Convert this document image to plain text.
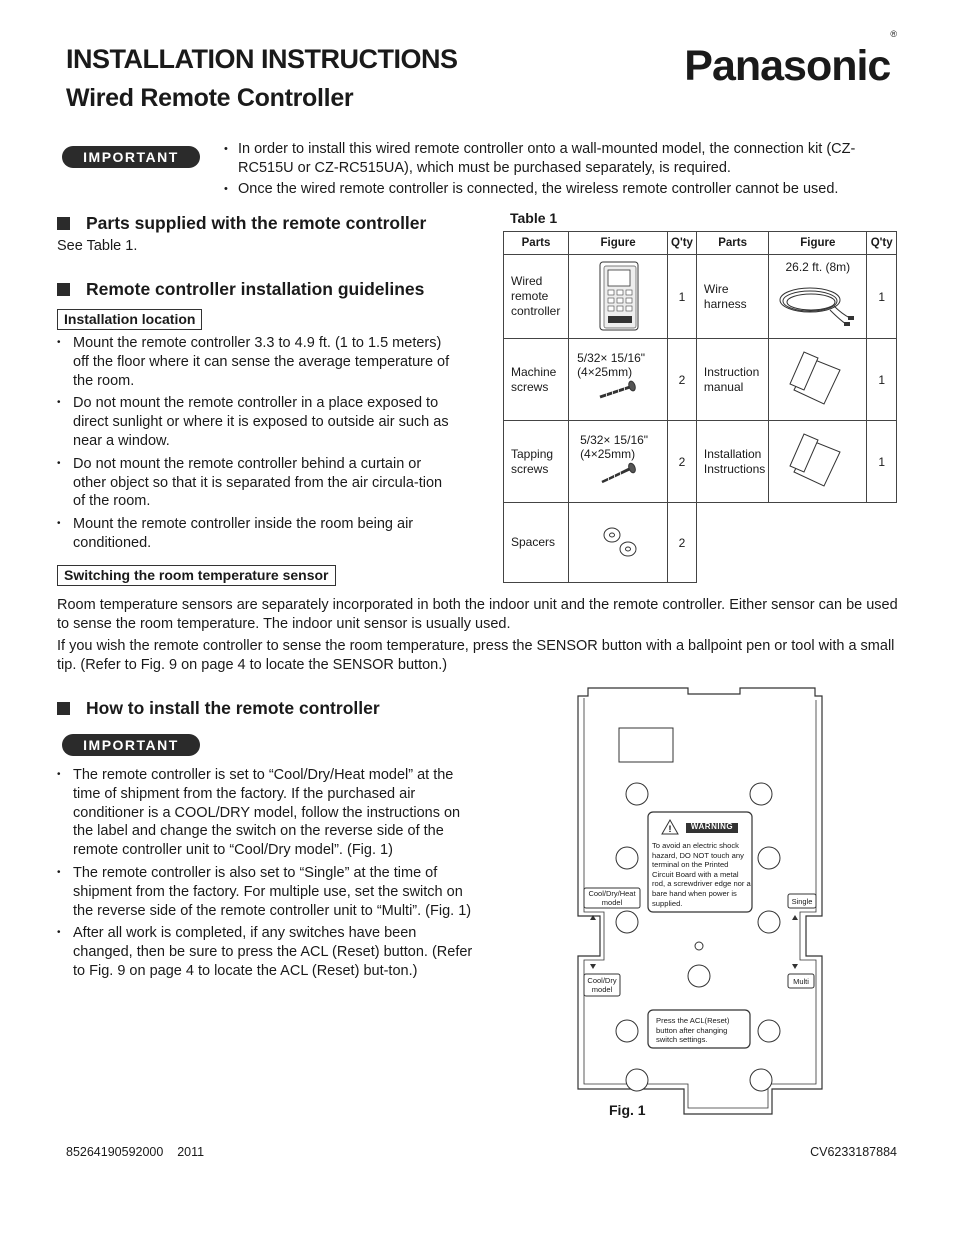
INSTALLATION INSTRUCTIONS
Wired Remote Controller
Panasonic®
IMPORTANT	• In order to install this wired remote controller onto a wall-mounted model, the connection kit (CZ-RC515U or CZ-RC515UA), which must be purchased separately, is required.
• Once the wired remote controller is connected, the wireless remote controller cannot be used.
Parts supplied with the remote controller
See Table 1.
Remote controller installation guidelines
Installation location
• Mount the remote controller 3.3 to 4.9 ft. (1 to 1.5 meters) off the floor where it can sense the average temperature of the room.
• Do not mount the remote controller in a place exposed to direct sunlight or where it is exposed to outside air such as near a window.
• Do not mount the remote controller behind a curtain or other object so that it is separated from the air circula-tion of the room.
• Mount the remote controller inside the room being air conditioned.
Switching the room temperature sensor
Room temperature sensors are separately incorporated in both the indoor unit and the remote controller. Either sensor can be used to sense the room temperature. The indoor unit sensor is usually used.
If you wish the remote controller to sense the room temperature, press the SENSOR button with a ballpoint pen or tool with a small tip. (Refer to Fig. 9 on page 4 to locate the SENSOR button.)
Table 1
Parts	Figure	Q'ty	Parts	Figure	Q'ty
Wired remote controller		1	Wire harness	26.2 ft. (8m)	1
Machine screws	5/32× 15/16" (4×25mm)	2	Instruction manual		1
Tapping screws	5/32× 15/16" (4×25mm)	2	Installation Instructions		1
Spacers		2			
How to install the remote controller
IMPORTANT
• The remote controller is set to “Cool/Dry/Heat model” at the time of shipment from the factory. If the purchased air conditioner is a COOL/DRY model, follow the instructions on the label and change the switch on the reverse side of the remote controller unit to “Cool/Dry model”. (Fig. 1)
• The remote controller is also set to “Single” at the time of shipment from the factory. For multiple use, set the switch on the reverse side of the remote controller unit to “Multi”. (Fig. 1)
• After all work is completed, if any switches have been changed, then be sure to press the ACL (Reset) button. (Refer to Fig. 9 on page 4 to locate the ACL (Reset) but-ton.)
!	WARNING
To avoid an electric shock hazard, DO NOT touch any terminal on the Printed Circuit Board with a metal rod, a screwdriver edge nor a bare hand when power is supplied.
Cool/Dry/Heat model	Single
Cool/Dry model
Multi
Press the ACL(Reset) button after changing switch settings.
Fig. 1
85264190592000 2011	CV6233187884
